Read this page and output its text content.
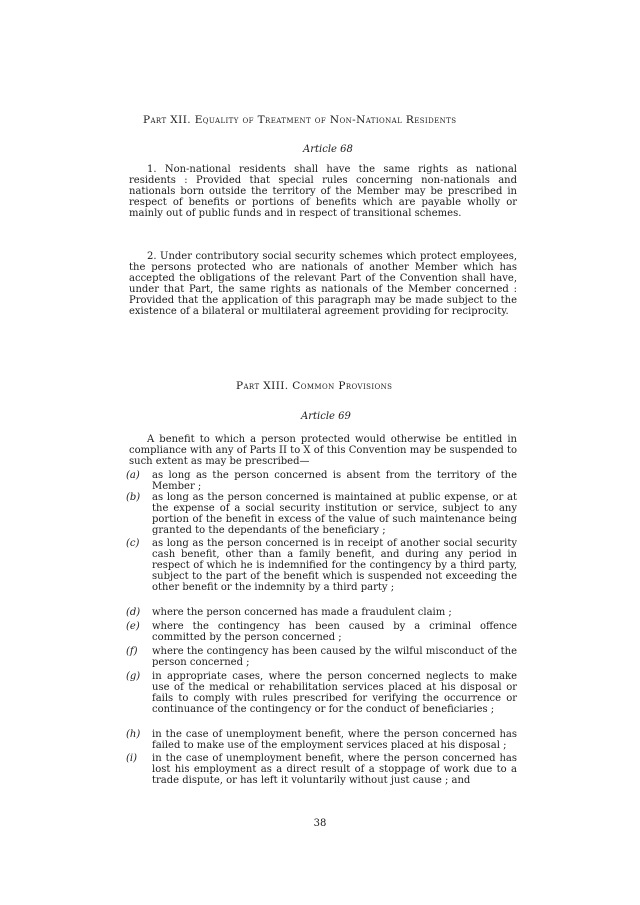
Part XII. Equality of Treatment of Non-National Residents
Article 68
1. Non-national residents shall have the same rights as national residents : Provided that special rules concerning non-nationals and nationals born outside the territory of the Member may be prescribed in respect of benefits or portions of benefits which are payable wholly or mainly out of public funds and in respect of transitional schemes.
2. Under contributory social security schemes which protect employees, the persons protected who are nationals of another Member which has accepted the obligations of the relevant Part of the Convention shall have, under that Part, the same rights as nationals of the Member concerned : Provided that the application of this paragraph may be made subject to the existence of a bilateral or multilateral agreement providing for reciprocity.
Part XIII. Common Provisions
Article 69
A benefit to which a person protected would otherwise be entitled in compliance with any of Parts II to X of this Convention may be suspended to such extent as may be prescribed—
(a)	as long as the person concerned is absent from the territory of the Member ;
(b)	as long as the person concerned is maintained at public expense, or at the expense of a social security institution or service, subject to any portion of the benefit in excess of the value of such maintenance being granted to the dependants of the beneficiary ;
(c)	as long as the person concerned is in receipt of another social security cash benefit, other than a family benefit, and during any period in respect of which he is indemnified for the contingency by a third party, subject to the part of the benefit which is suspended not exceeding the other benefit or the indemnity by a third party ;
(d)	where the person concerned has made a fraudulent claim ;
(e)	where the contingency has been caused by a criminal offence committed by the person concerned ;
(f)	where the contingency has been caused by the wilful misconduct of the person concerned ;
(g)	in appropriate cases, where the person concerned neglects to make use of the medical or rehabilitation services placed at his disposal or fails to comply with rules prescribed for verifying the occurrence or continuance of the contingency or for the conduct of beneficiaries ;
(h)	in the case of unemployment benefit, where the person concerned has failed to make use of the employment services placed at his disposal ;
(i)	in the case of unemployment benefit, where the person concerned has lost his employment as a direct result of a stoppage of work due to a trade dispute, or has left it voluntarily without just cause ; and
38
